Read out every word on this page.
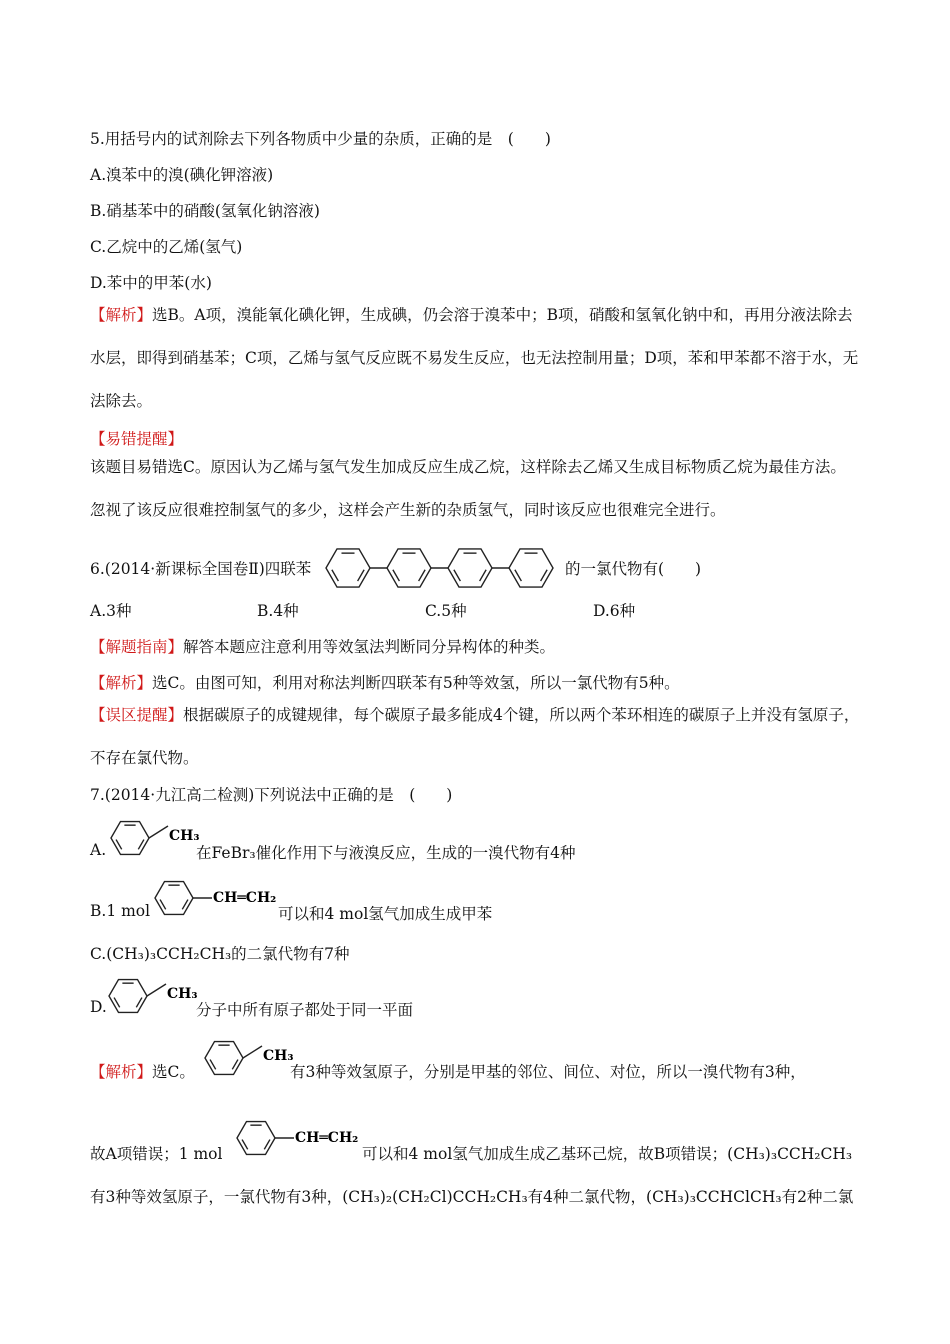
5.用括号内的试剂除去下列各物质中少量的杂质，正确的是　(　　)
A.溴苯中的溴(碘化钾溶液)
B.硝基苯中的硝酸(氢氧化钠溶液)
C.乙烷中的乙烯(氢气)
D.苯中的甲苯(水)
【解析】选B。A项，溴能氧化碘化钾，生成碘，仍会溶于溴苯中；B项，硝酸和氢氧化钠中和，再用分液法除去水层，即得到硝基苯；C项，乙烯与氢气反应既不易发生反应，也无法控制用量；D项，苯和甲苯都不溶于水，无法除去。
【易错提醒】
该题目易错选C。原因认为乙烯与氢气发生加成反应生成乙烷，这样除去乙烯又生成目标物质乙烷为最佳方法。忽视了该反应很难控制氢气的多少，这样会产生新的杂质氢气，同时该反应也很难完全进行。
6.(2014·新课标全国卷Ⅱ)四联苯	的一氯代物有(　　)
A.3种	B.4种	C.5种	D.6种
【解题指南】解答本题应注意利用等效氢法判断同分异构体的种类。
【解析】选C。由图可知，利用对称法判断四联苯有5种等效氢，所以一氯代物有5种。
【误区提醒】根据碳原子的成键规律，每个碳原子最多能成4个键，所以两个苯环相连的碳原子上并没有氢原子，不存在氯代物。
7.(2014·九江高二检测)下列说法中正确的是　(　　)
A.
CH₃
在FeBr₃催化作用下与液溴反应，生成的一溴代物有4种
B.1 mol
CH═CH₂
可以和4 mol氢气加成生成甲苯
C.(CH₃)₃CCH₂CH₃的二氯代物有7种
D.
CH₃
分子中所有原子都处于同一平面
【解析】选C。
CH₃
有3种等效氢原子，分别是甲基的邻位、间位、对位，所以一溴代物有3种，
故A项错误；1 mol
CH═CH₂
可以和4 mol氢气加成生成乙基环己烷，故B项错误；(CH₃)₃CCH₂CH₃
有3种等效氢原子，一氯代物有3种，(CH₃)₂(CH₂Cl)CCH₂CH₃有4种二氯代物，(CH₃)₃CCHClCH₃有2种二氯
